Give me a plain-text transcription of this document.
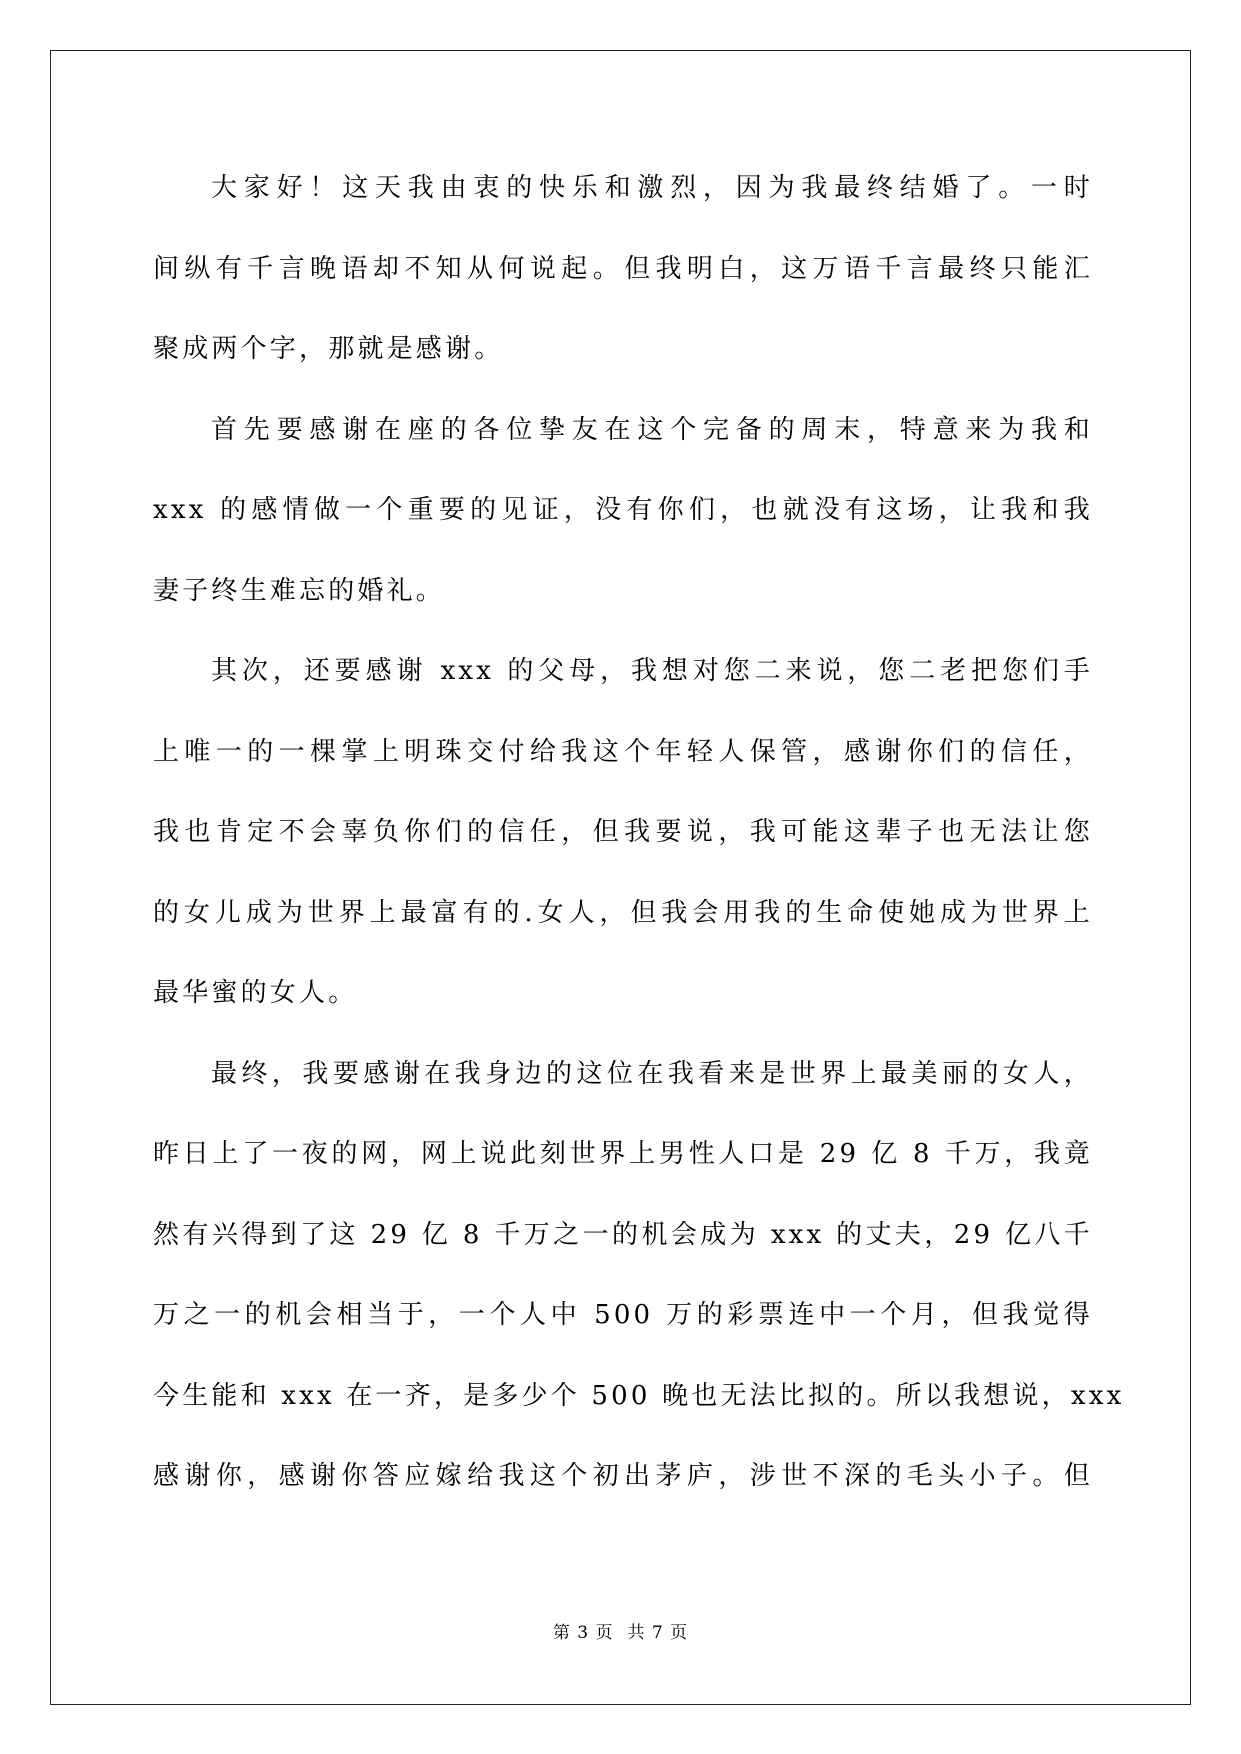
大家好！这天我由衷的快乐和激烈，因为我最终结婚了。一时
间纵有千言晚语却不知从何说起。但我明白，这万语千言最终只能汇
聚成两个字，那就是感谢。
首先要感谢在座的各位挚友在这个完备的周末，特意来为我和
xxx 的感情做一个重要的见证，没有你们，也就没有这场，让我和我
妻子终生难忘的婚礼。
其次，还要感谢 xxx 的父母，我想对您二来说，您二老把您们手
上唯一的一棵掌上明珠交付给我这个年轻人保管，感谢你们的信任，
我也肯定不会辜负你们的信任，但我要说，我可能这辈子也无法让您
的女儿成为世界上最富有的.女人，但我会用我的生命使她成为世界上
最华蜜的女人。
最终，我要感谢在我身边的这位在我看来是世界上最美丽的女人，
昨日上了一夜的网，网上说此刻世界上男性人口是 29 亿 8 千万，我竟
然有兴得到了这 29 亿 8 千万之一的机会成为 xxx 的丈夫，29 亿八千
万之一的机会相当于，一个人中 500 万的彩票连中一个月，但我觉得
今生能和 xxx 在一齐，是多少个 500 晚也无法比拟的。所以我想说，xxx
感谢你，感谢你答应嫁给我这个初出茅庐，涉世不深的毛头小子。但
第 3 页 共 7 页
